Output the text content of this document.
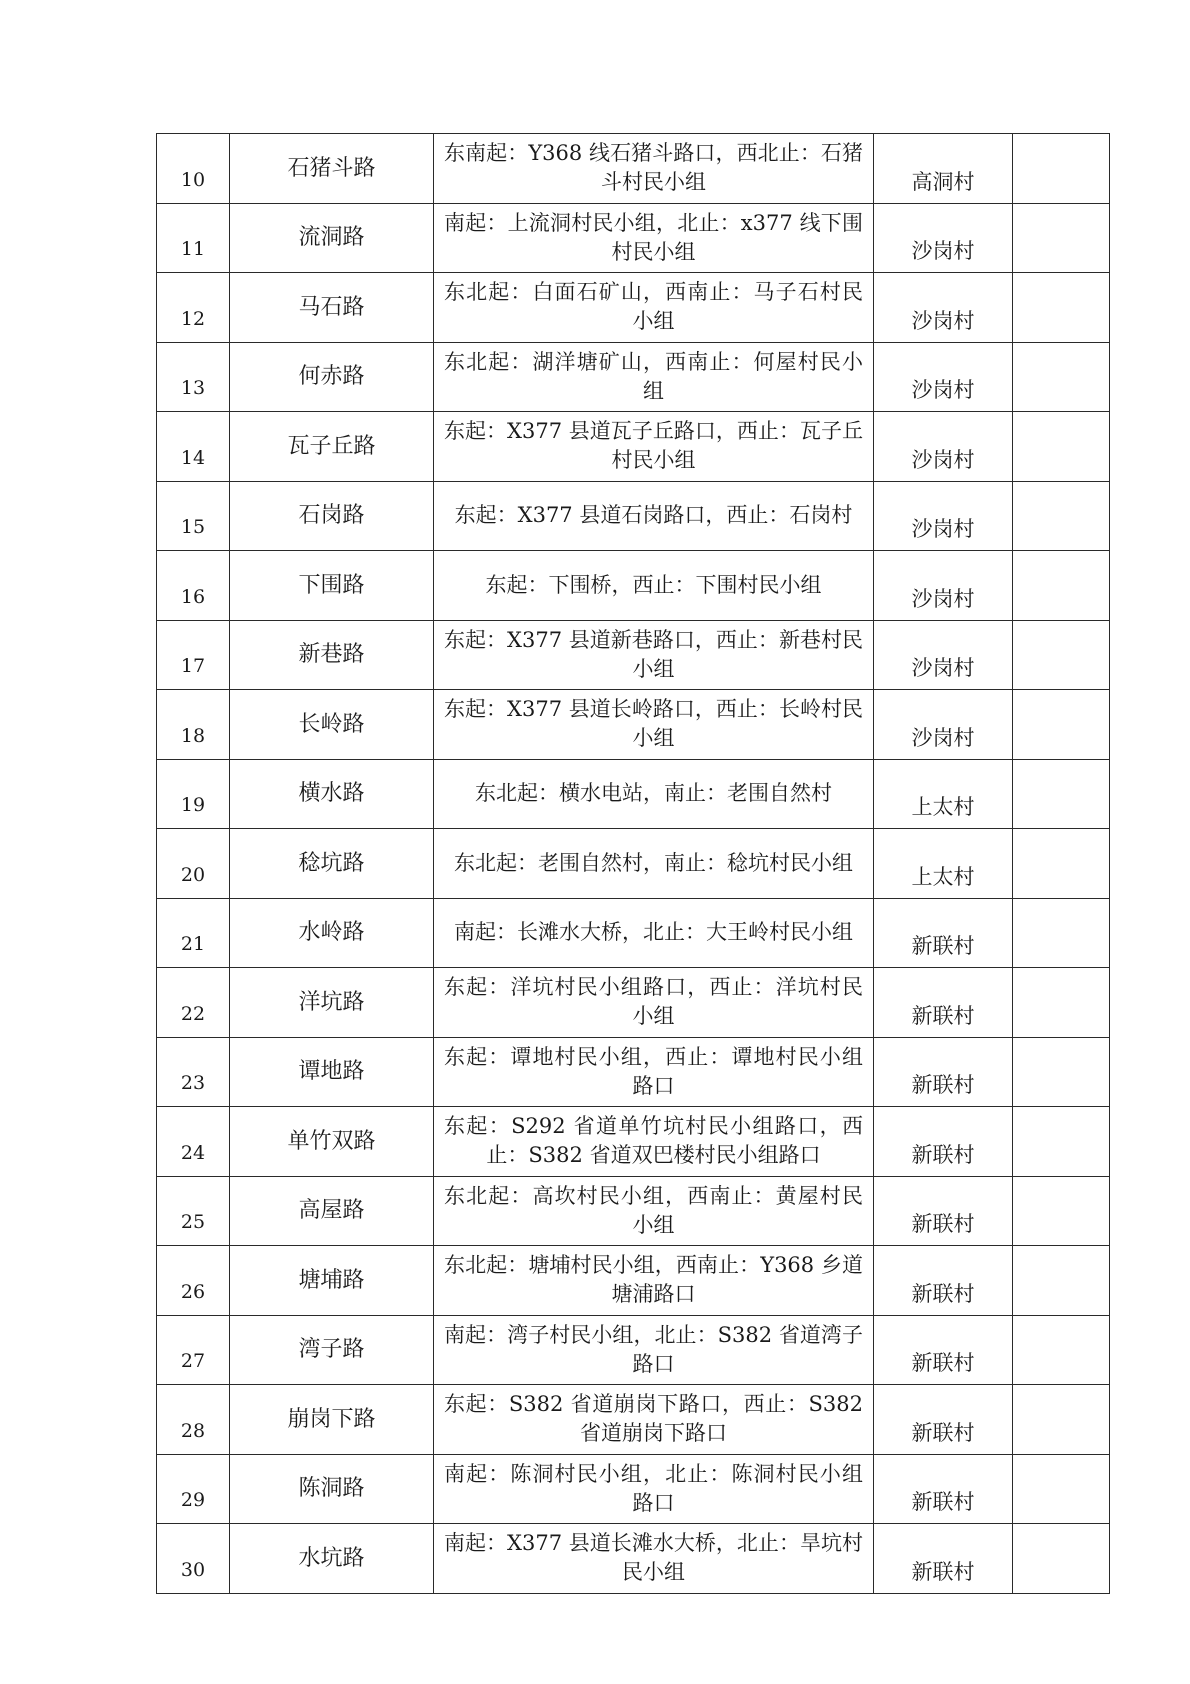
10	石猪斗路	东南起：Y368 线石猪斗路口，西北止：石猪斗村民小组	高洞村	
11	流洞路	南起：上流洞村民小组，北止：x377 线下围村民小组	沙岗村	
12	马石路	东北起：白面石矿山，西南止：马子石村民小组	沙岗村	
13	何赤路	东北起：湖洋塘矿山，西南止：何屋村民小组	沙岗村	
14	瓦子丘路	东起：X377 县道瓦子丘路口，西止：瓦子丘村民小组	沙岗村	
15	石岗路	东起：X377 县道石岗路口，西止：石岗村	沙岗村	
16	下围路	东起：下围桥，西止：下围村民小组	沙岗村	
17	新巷路	东起：X377 县道新巷路口，西止：新巷村民小组	沙岗村	
18	长岭路	东起：X377 县道长岭路口，西止：长岭村民小组	沙岗村	
19	横水路	东北起：横水电站，南止：老围自然村	上太村	
20	稔坑路	东北起：老围自然村，南止：稔坑村民小组	上太村	
21	水岭路	南起：长滩水大桥，北止：大王岭村民小组	新联村	
22	洋坑路	东起：洋坑村民小组路口，西止：洋坑村民小组	新联村	
23	谭地路	东起：谭地村民小组，西止：谭地村民小组路口	新联村	
24	单竹双路	东起：S292 省道单竹坑村民小组路口，西止：S382 省道双巴楼村民小组路口	新联村	
25	高屋路	东北起：高坎村民小组，西南止：黄屋村民小组	新联村	
26	塘埔路	东北起：塘埔村民小组，西南止：Y368 乡道塘浦路口	新联村	
27	湾子路	南起：湾子村民小组，北止：S382 省道湾子路口	新联村	
28	崩岗下路	东起：S382 省道崩岗下路口，西止：S382 省道崩岗下路口	新联村	
29	陈洞路	南起：陈洞村民小组，北止：陈洞村民小组路口	新联村	
30	水坑路	南起：X377 县道长滩水大桥，北止：旱坑村民小组	新联村	
